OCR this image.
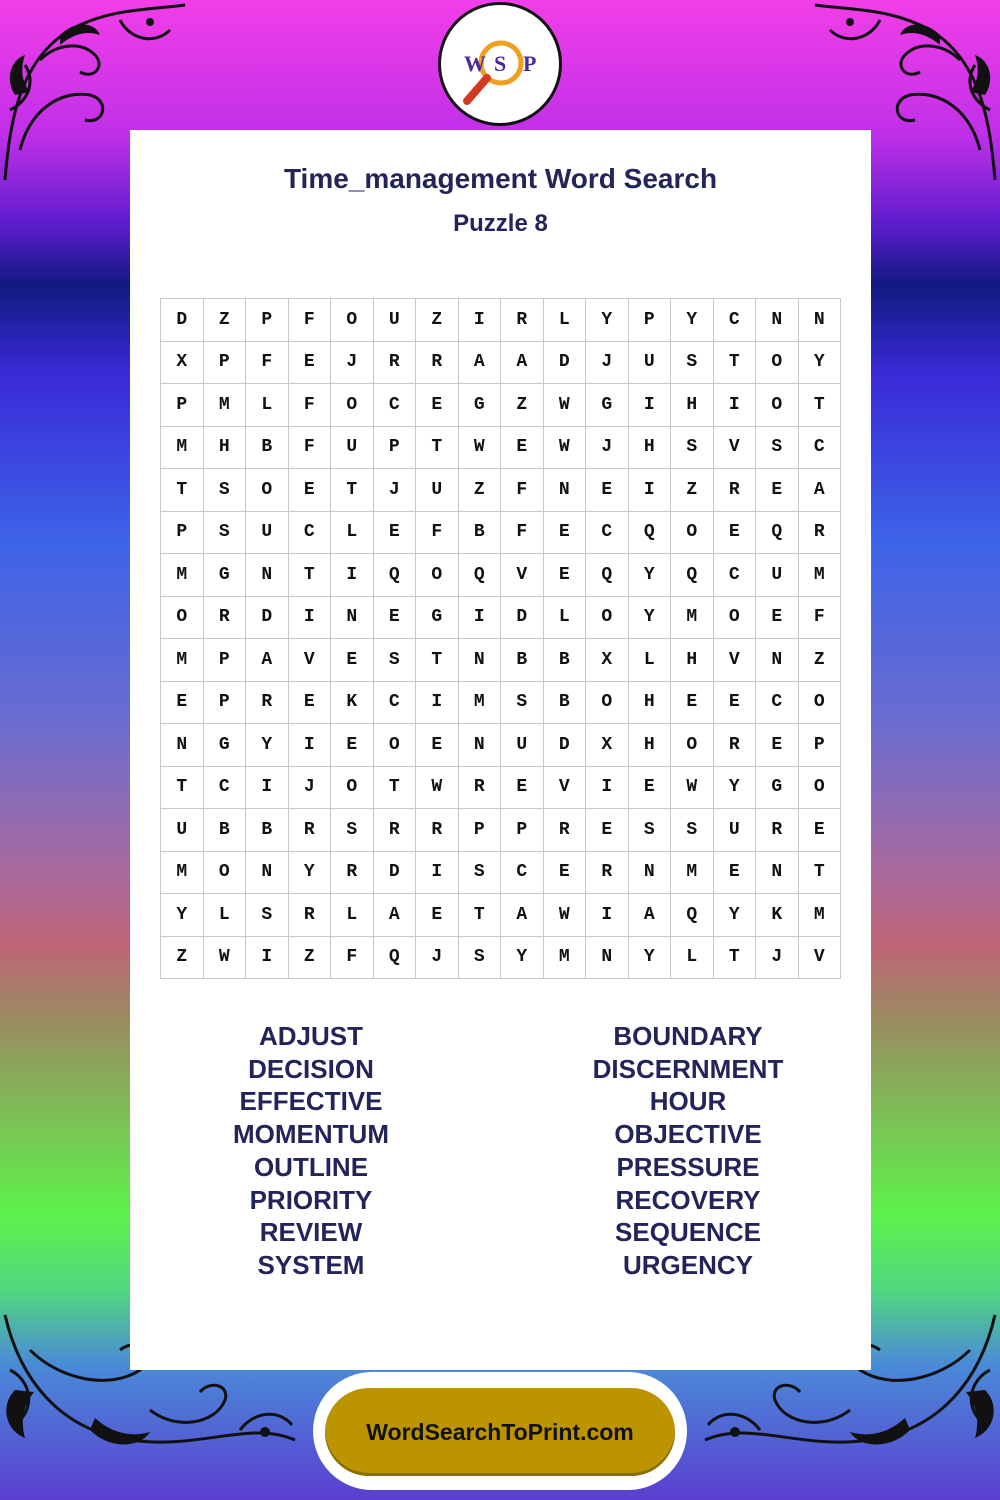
W S P
Time_management Word Search
Puzzle 8
D	Z	P	F	O	U	Z	I	R	L	Y	P	Y	C	N	N
X	P	F	E	J	R	R	A	A	D	J	U	S	T	O	Y
P	M	L	F	O	C	E	G	Z	W	G	I	H	I	O	T
M	H	B	F	U	P	T	W	E	W	J	H	S	V	S	C
T	S	O	E	T	J	U	Z	F	N	E	I	Z	R	E	A
P	S	U	C	L	E	F	B	F	E	C	Q	O	E	Q	R
M	G	N	T	I	Q	O	Q	V	E	Q	Y	Q	C	U	M
O	R	D	I	N	E	G	I	D	L	O	Y	M	O	E	F
M	P	A	V	E	S	T	N	B	B	X	L	H	V	N	Z
E	P	R	E	K	C	I	M	S	B	O	H	E	E	C	O
N	G	Y	I	E	O	E	N	U	D	X	H	O	R	E	P
T	C	I	J	O	T	W	R	E	V	I	E	W	Y	G	O
U	B	B	R	S	R	R	P	P	R	E	S	S	U	R	E
M	O	N	Y	R	D	I	S	C	E	R	N	M	E	N	T
Y	L	S	R	L	A	E	T	A	W	I	A	Q	Y	K	M
Z	W	I	Z	F	Q	J	S	Y	M	N	Y	L	T	J	V
ADJUST
DECISION
EFFECTIVE
MOMENTUM
OUTLINE
PRIORITY
REVIEW
SYSTEM
BOUNDARY
DISCERNMENT
HOUR
OBJECTIVE
PRESSURE
RECOVERY
SEQUENCE
URGENCY
WordSearchToPrint.com
